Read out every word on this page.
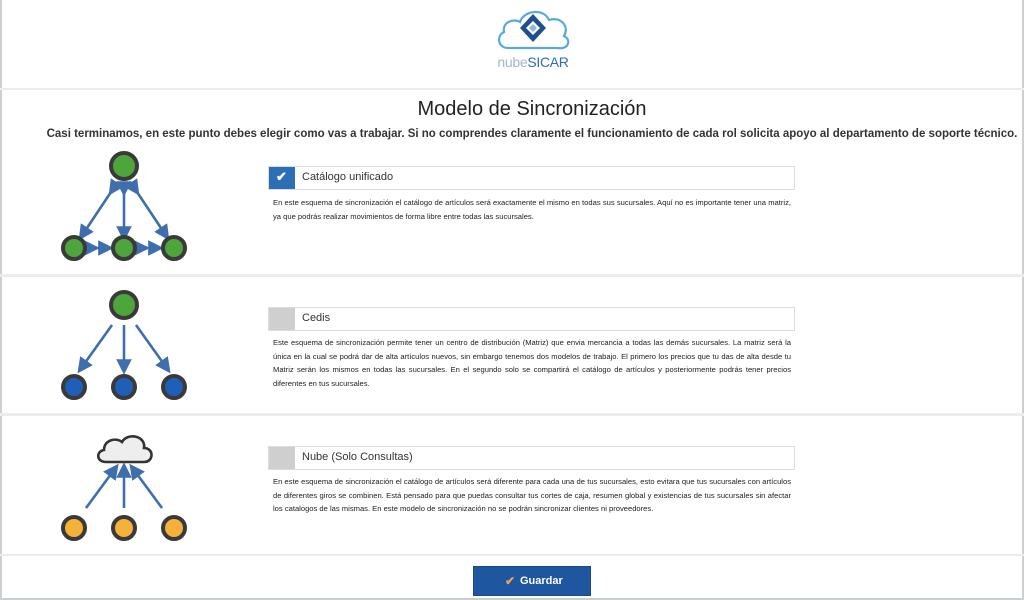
nubeSICAR
Modelo de Sincronización
Casi terminamos, en este punto debes elegir como vas a trabajar. Si no comprendes claramente el funcionamiento de cada rol solicita apoyo al departamento de soporte técnico.
✔ Catálogo unificado
En este esquema de sincronización el catálogo de artículos será exactamente el mismo en todas sus sucursales. Aquí no es importante tener una matriz, ya que podrás realizar movimientos de forma libre entre todas las sucursales.
Cedis
Este esquema de sincronización permite tener un centro de distribución (Matriz) que envia mercancia a todas las demás sucursales. La matriz será la única en la cual se podrá dar de alta artículos nuevos, sin embargo tenemos dos modelos de trabajo. El primero los precios que tu das de alta desde tu Matriz serán los mismos en todas las sucursales. En el segundo solo se compartirá el catálogo de artículos y posteriormente podrás tener precios diferentes en tus sucursales.
Nube (Solo Consultas)
En este esquema de sincronización el catálogo de artículos será diferente para cada una de tus sucursales, esto evitara que tus sucursales con artículos de diferentes giros se combinen. Está pensado para que puedas consultar tus cortes de caja, resumen global y existencias de tus sucursales sin afectar los catalogos de las mismas. En este modelo de sincronización no se podrán sincronizar clientes ni proveedores.
✔ Guardar
